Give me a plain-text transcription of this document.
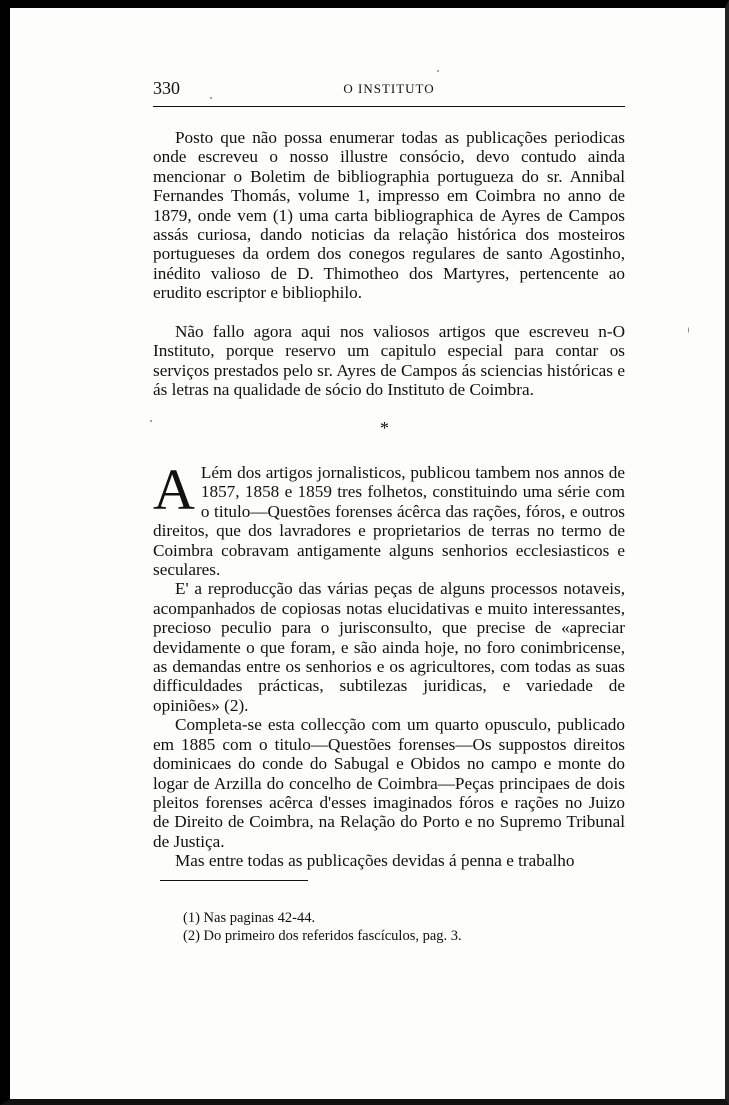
330	O INSTITUTO

Posto que não possa enumerar todas as publicações periodicas onde escreveu o nosso illustre consócio, devo contudo ainda mencionar o Boletim de bibliographia portugueza do sr. Annibal Fernandes Thomás, volume 1, impresso em Coimbra no anno de 1879, onde vem (1) uma carta bibliographica de Ayres de Campos assás curiosa, dando noticias da relação histórica dos mosteiros portugueses da ordem dos conegos regulares de santo Agostinho, inédito valioso de D. Thimotheo dos Martyres, pertencente ao erudito escriptor e bibliophilo.

Não fallo agora aqui nos valiosos artigos que escreveu n-O Instituto, porque reservo um capitulo especial para contar os serviços prestados pelo sr. Ayres de Campos ás sciencias históricas e ás letras na qualidade de sócio do Instituto de Coimbra.

*
A Lém dos artigos jornalisticos, publicou tambem nos annos de 1857, 1858 e 1859 tres folhetos, constituindo uma série com o titulo—Questões forenses ácêrca das rações, fóros, e outros direitos, que dos lavradores e proprietarios de terras no termo de Coimbra cobravam antigamente alguns senhorios ecclesiasticos e seculares.

E' a reproducção das várias peças de alguns processos notaveis, acompanhados de copiosas notas elucidativas e muito interessantes, precioso peculio para o jurisconsulto, que precise de «apreciar devidamente o que foram, e são ainda hoje, no foro conimbricense, as demandas entre os senhorios e os agricultores, com todas as suas difficuldades prácticas, subtilezas juridicas, e variedade de opiniões» (2).

Completa-se esta collecção com um quarto opusculo, publicado em 1885 com o titulo—Questões forenses—Os suppostos direitos dominicaes do conde do Sabugal e Obidos no campo e monte do logar de Arzilla do concelho de Coimbra—Peças principaes de dois pleitos forenses acêrca d'esses imaginados fóros e rações no Juizo de Direito de Coimbra, na Relação do Porto e no Supremo Tribunal de Justiça.

Mas entre todas as publicações devidas á penna e trabalho

(1) Nas paginas 42-44.
(2) Do primeiro dos referidos fascículos, pag. 3.
